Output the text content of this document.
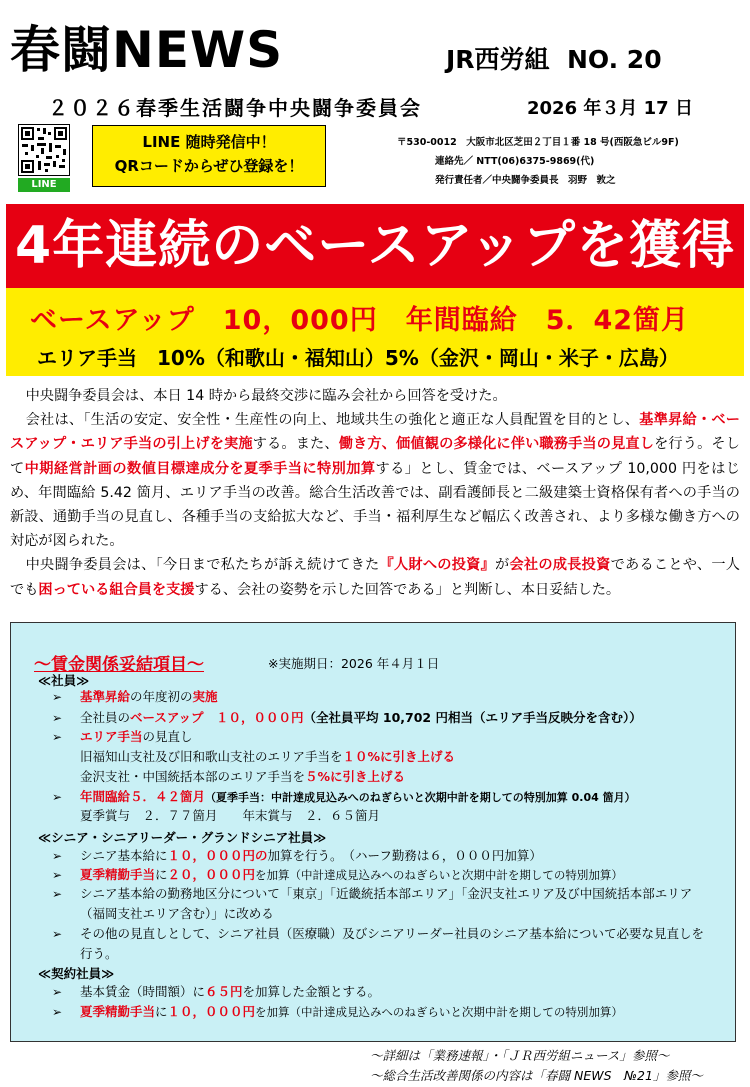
春闘NEWS	JR西労組 NO. 20
２０２６春季生活闘争中央闘争委員会	2026 年３月 17 日
LINE
LINE 随時発信中！
QRコードからぜひ登録を！
〒530-0012　大阪市北区芝田２丁目１番 18 号(西阪急ビル9F)
連絡先／ NTT(06)6375-9869(代)
発行責任者／中央闘争委員長　羽野　敦之
4年連続のベースアップを獲得
ベースアップ　10，000円　年間臨給　5．42箇月
エリア手当　10%（和歌山・福知山）5%（金沢・岡山・米子・広島）

中央闘争委員会は、本日 14 時から最終交渉に臨み会社から回答を受けた。

会社は、「生活の安定、安全性・生産性の向上、地域共生の強化と適正な人員配置を目的とし、基準昇給・ベースアップ・エリア手当の引上げを実施する。また、働き方、価値観の多様化に伴い職務手当の見直しを行う。そして中期経営計画の数値目標達成分を夏季手当に特別加算する」とし、賃金では、ベースアップ 10,000 円をはじめ、年間臨給 5.42 箇月、エリア手当の改善。総合生活改善では、副看護師長と二級建築士資格保有者への手当の新設、通勤手当の見直し、各種手当の支給拡大など、手当・福利厚生など幅広く改善され、より多様な働き方への対応が図られた。

中央闘争委員会は、「今日まで私たちが訴え続けてきた『人財への投資』が会社の成長投資であることや、一人でも困っている組合員を支援する、会社の姿勢を示した回答である」と判断し、本日妥結した。

～賃金関係妥結項目～	※実施期日：2026 年４月１日
≪社員≫
➢ 基準昇給の年度初の実施
➢ 全社員のベースアップ　１０，０００円（全社員平均 10,702 円相当（エリア手当反映分を含む））
➢ エリア手当の見直し
旧福知山支社及び旧和歌山支社のエリア手当を１０%に引き上げる
金沢支社・中国統括本部のエリア手当を５%に引き上げる
➢ 年間臨給５．４２箇月（夏季手当：中計達成見込みへのねぎらいと次期中計を期しての特別加算 0.04 箇月）
夏季賞与　２．７７箇月　　年末賞与　２．６５箇月
≪シニア・シニアリーダー・グランドシニア社員≫
➢ シニア基本給に１０，０００円の加算を行う。　（ハーフ勤務は６，０００円加算）
➢ 夏季精勤手当に２０，０００円を加算（中計達成見込みへのねぎらいと次期中計を期しての特別加算）
➢ シニア基本給の勤務地区分について「東京」「近畿統括本部エリア」「金沢支社エリア及び中国統括本部エリア（福岡支社エリア含む）」に改める
➢ その他の見直しとして、シニア社員（医療職）及びシニアリーダー社員のシニア基本給について必要な見直しを行う。
≪契約社員≫
➢ 基本賃金（時間額）に６５円を加算した金額とする。
➢ 夏季精勤手当に１０，０００円を加算（中計達成見込みへのねぎらいと次期中計を期しての特別加算）
～詳細は「業務速報」・「ＪＲ西労組ニュース」参照～
～総合生活改善関係の内容は「春闘 NEWS　№21」参照～
